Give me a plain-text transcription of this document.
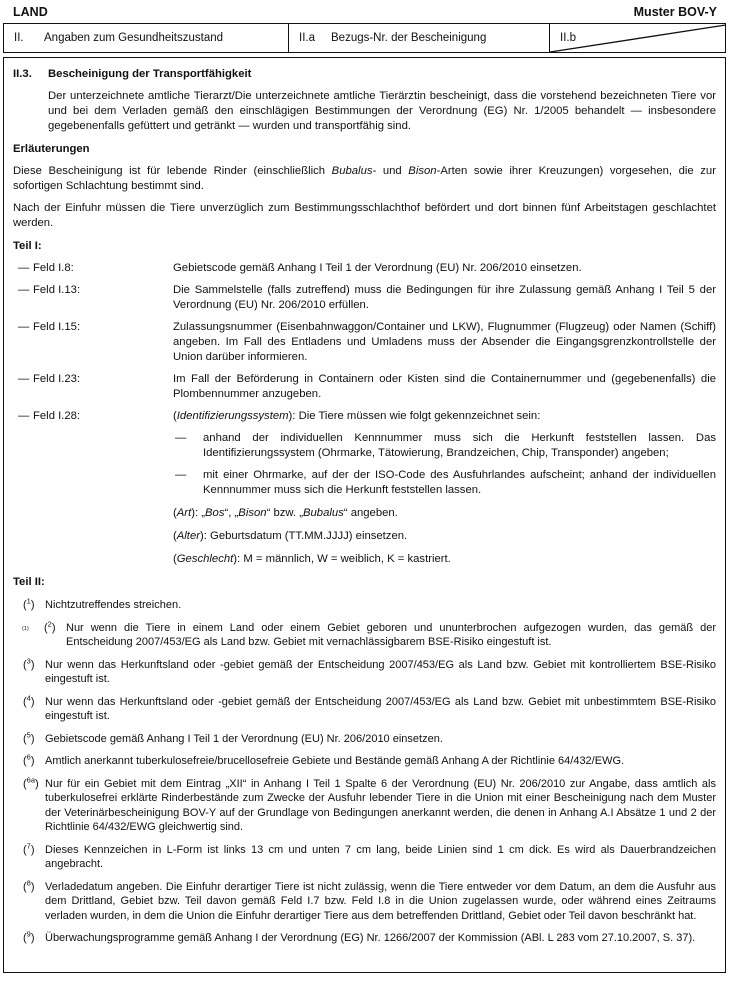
LAND	Muster BOV-Y
II.	Angaben zum Gesundheitszustand	II.a	Bezugs-Nr. der Bescheinigung	II.b
II.3.	Bescheinigung der Transportfähigkeit
Der unterzeichnete amtliche Tierarzt/Die unterzeichnete amtliche Tierärztin bescheinigt, dass die vorstehend bezeichneten Tiere vor und bei dem Verladen gemäß den einschlägigen Bestimmungen der Verordnung (EG) Nr. 1/2005 behandelt — insbesondere gegebenenfalls gefüttert und getränkt — wurden und transportfähig sind.
Erläuterungen
Diese Bescheinigung ist für lebende Rinder (einschließlich Bubalus- und Bison-Arten sowie ihrer Kreuzungen) vorgesehen, die zur sofortigen Schlachtung bestimmt sind.
Nach der Einfuhr müssen die Tiere unverzüglich zum Bestimmungsschlachthof befördert und dort binnen fünf Arbeitstagen geschlachtet werden.
Teil I:
— Feld I.8:	Gebietscode gemäß Anhang I Teil 1 der Verordnung (EU) Nr. 206/2010 einsetzen.
— Feld I.13:	Die Sammelstelle (falls zutreffend) muss die Bedingungen für ihre Zulassung gemäß Anhang I Teil 5 der Verordnung (EU) Nr. 206/2010 erfüllen.
— Feld I.15:	Zulassungsnummer (Eisenbahnwaggon/Container und LKW), Flugnummer (Flugzeug) oder Namen (Schiff) angeben. Im Fall des Entladens und Umladens muss der Absender die Eingangsgrenzkontrollstelle der Union darüber informieren.
— Feld I.23:	Im Fall der Beförderung in Containern oder Kisten sind die Containernummer und (gegebenenfalls) die Plombennummer anzugeben.
— Feld I.28:	(Identifizierungssystem): Die Tiere müssen wie folgt gekennzeichnet sein:
—	anhand der individuellen Kennnummer muss sich die Herkunft feststellen lassen. Das Identifizierungssystem (Ohrmarke, Tätowierung, Brandzeichen, Chip, Transponder) angeben;
—	mit einer Ohrmarke, auf der der ISO-Code des Ausfuhrlandes aufscheint; anhand der individuellen Kennnummer muss sich die Herkunft feststellen lassen.
(Art): „Bos“, „Bison“ bzw. „Bubalus“ angeben.
(Alter): Geburtsdatum (TT.MM.JJJJ) einsetzen.
(Geschlecht): M = männlich, W = weiblich, K = kastriert.
Teil II:
($^1$) Nichtzutreffendes streichen.
(1) ($^2$) Nur wenn die Tiere in einem Land oder einem Gebiet geboren und ununterbrochen aufgezogen wurden, das gemäß der Entscheidung 2007/453/EG als Land bzw. Gebiet mit vernachlässigbarem BSE-Risiko eingestuft ist.
($^3$) Nur wenn das Herkunftsland oder -gebiet gemäß der Entscheidung 2007/453/EG als Land bzw. Gebiet mit kontrolliertem BSE-Risiko eingestuft ist.
($^4$) Nur wenn das Herkunftsland oder -gebiet gemäß der Entscheidung 2007/453/EG als Land bzw. Gebiet mit unbestimmtem BSE-Risiko eingestuft ist.
($^5$) Gebietscode gemäß Anhang I Teil 1 der Verordnung (EU) Nr. 206/2010 einsetzen.
($^6$) Amtlich anerkannt tuberkulosefreie/brucellosefreie Gebiete und Bestände gemäß Anhang A der Richtlinie 64/432/EWG.
($^{6a}$) Nur für ein Gebiet mit dem Eintrag „XII“ in Anhang I Teil 1 Spalte 6 der Verordnung (EU) Nr. 206/2010 zur Angabe, dass amtlich als tuberkulosefrei erklärte Rinderbestände zum Zwecke der Ausfuhr lebender Tiere in die Union mit einer Bescheinigung nach dem Muster der Veterinärbescheinigung BOV-Y auf der Grundlage von Bedingungen anerkannt werden, die denen in Anhang A.I Absätze 1 und 2 der Richtlinie 64/432/EWG gleichwertig sind.
($^7$) Dieses Kennzeichen in L-Form ist links 13 cm und unten 7 cm lang, beide Linien sind 1 cm dick. Es wird als Dauerbrandzeichen angebracht.
($^8$) Verladedatum angeben. Die Einfuhr derartiger Tiere ist nicht zulässig, wenn die Tiere entweder vor dem Datum, an dem die Ausfuhr aus dem Drittland, Gebiet bzw. Teil davon gemäß Feld I.7 bzw. Feld I.8 in die Union zugelassen wurde, oder während eines Zeitraums verladen wurden, in dem die Union die Einfuhr derartiger Tiere aus dem betreffenden Drittland, Gebiet oder Teil davon beschränkt hat.
($^9$) Überwachungsprogramme gemäß Anhang I der Verordnung (EG) Nr. 1266/2007 der Kommission (ABl. L 283 vom 27.10.2007, S. 37).
